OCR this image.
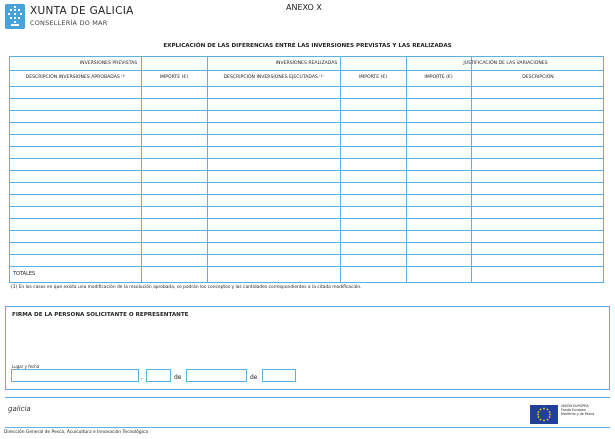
XUNTA DE GALICIA
CONSELLERÍA DO MAR
ANEXO X
EXPLICACIÓN DE LAS DIFERENCIAS ENTRE LAS INVERSIONES PREVISTAS Y LAS REALIZADAS
INVERSIONES PREVISTAS	INVERSIONES REALIZADAS	JUSTIFICACIÓN DE LAS VARIACIONES
DESCRIPCIÓN INVERSIONES APROBADAS ⁽¹⁾	IMPORTE (€)	DESCRIPCIÓN INVERSIONES EJECUTADAS ⁽¹⁾	IMPORTE (€)	IMPORTE (€)	DESCRIPCIÓN
TOTALES
(1) En los casos en que exista una modificación de la resolución aprobada, se podrán los conceptos y las cantidades correspondientes a la citada modificación.
FIRMA DE LA PERSONA SOLICITANTE O REPRESENTANTE
Lugar y fecha
,	de	de
galicia	UNIÓN EUROPEA
Fondo Europeo
Marítimo y de Pesca
Dirección General de Pesca, Acuicultura e Innovación Tecnológica
